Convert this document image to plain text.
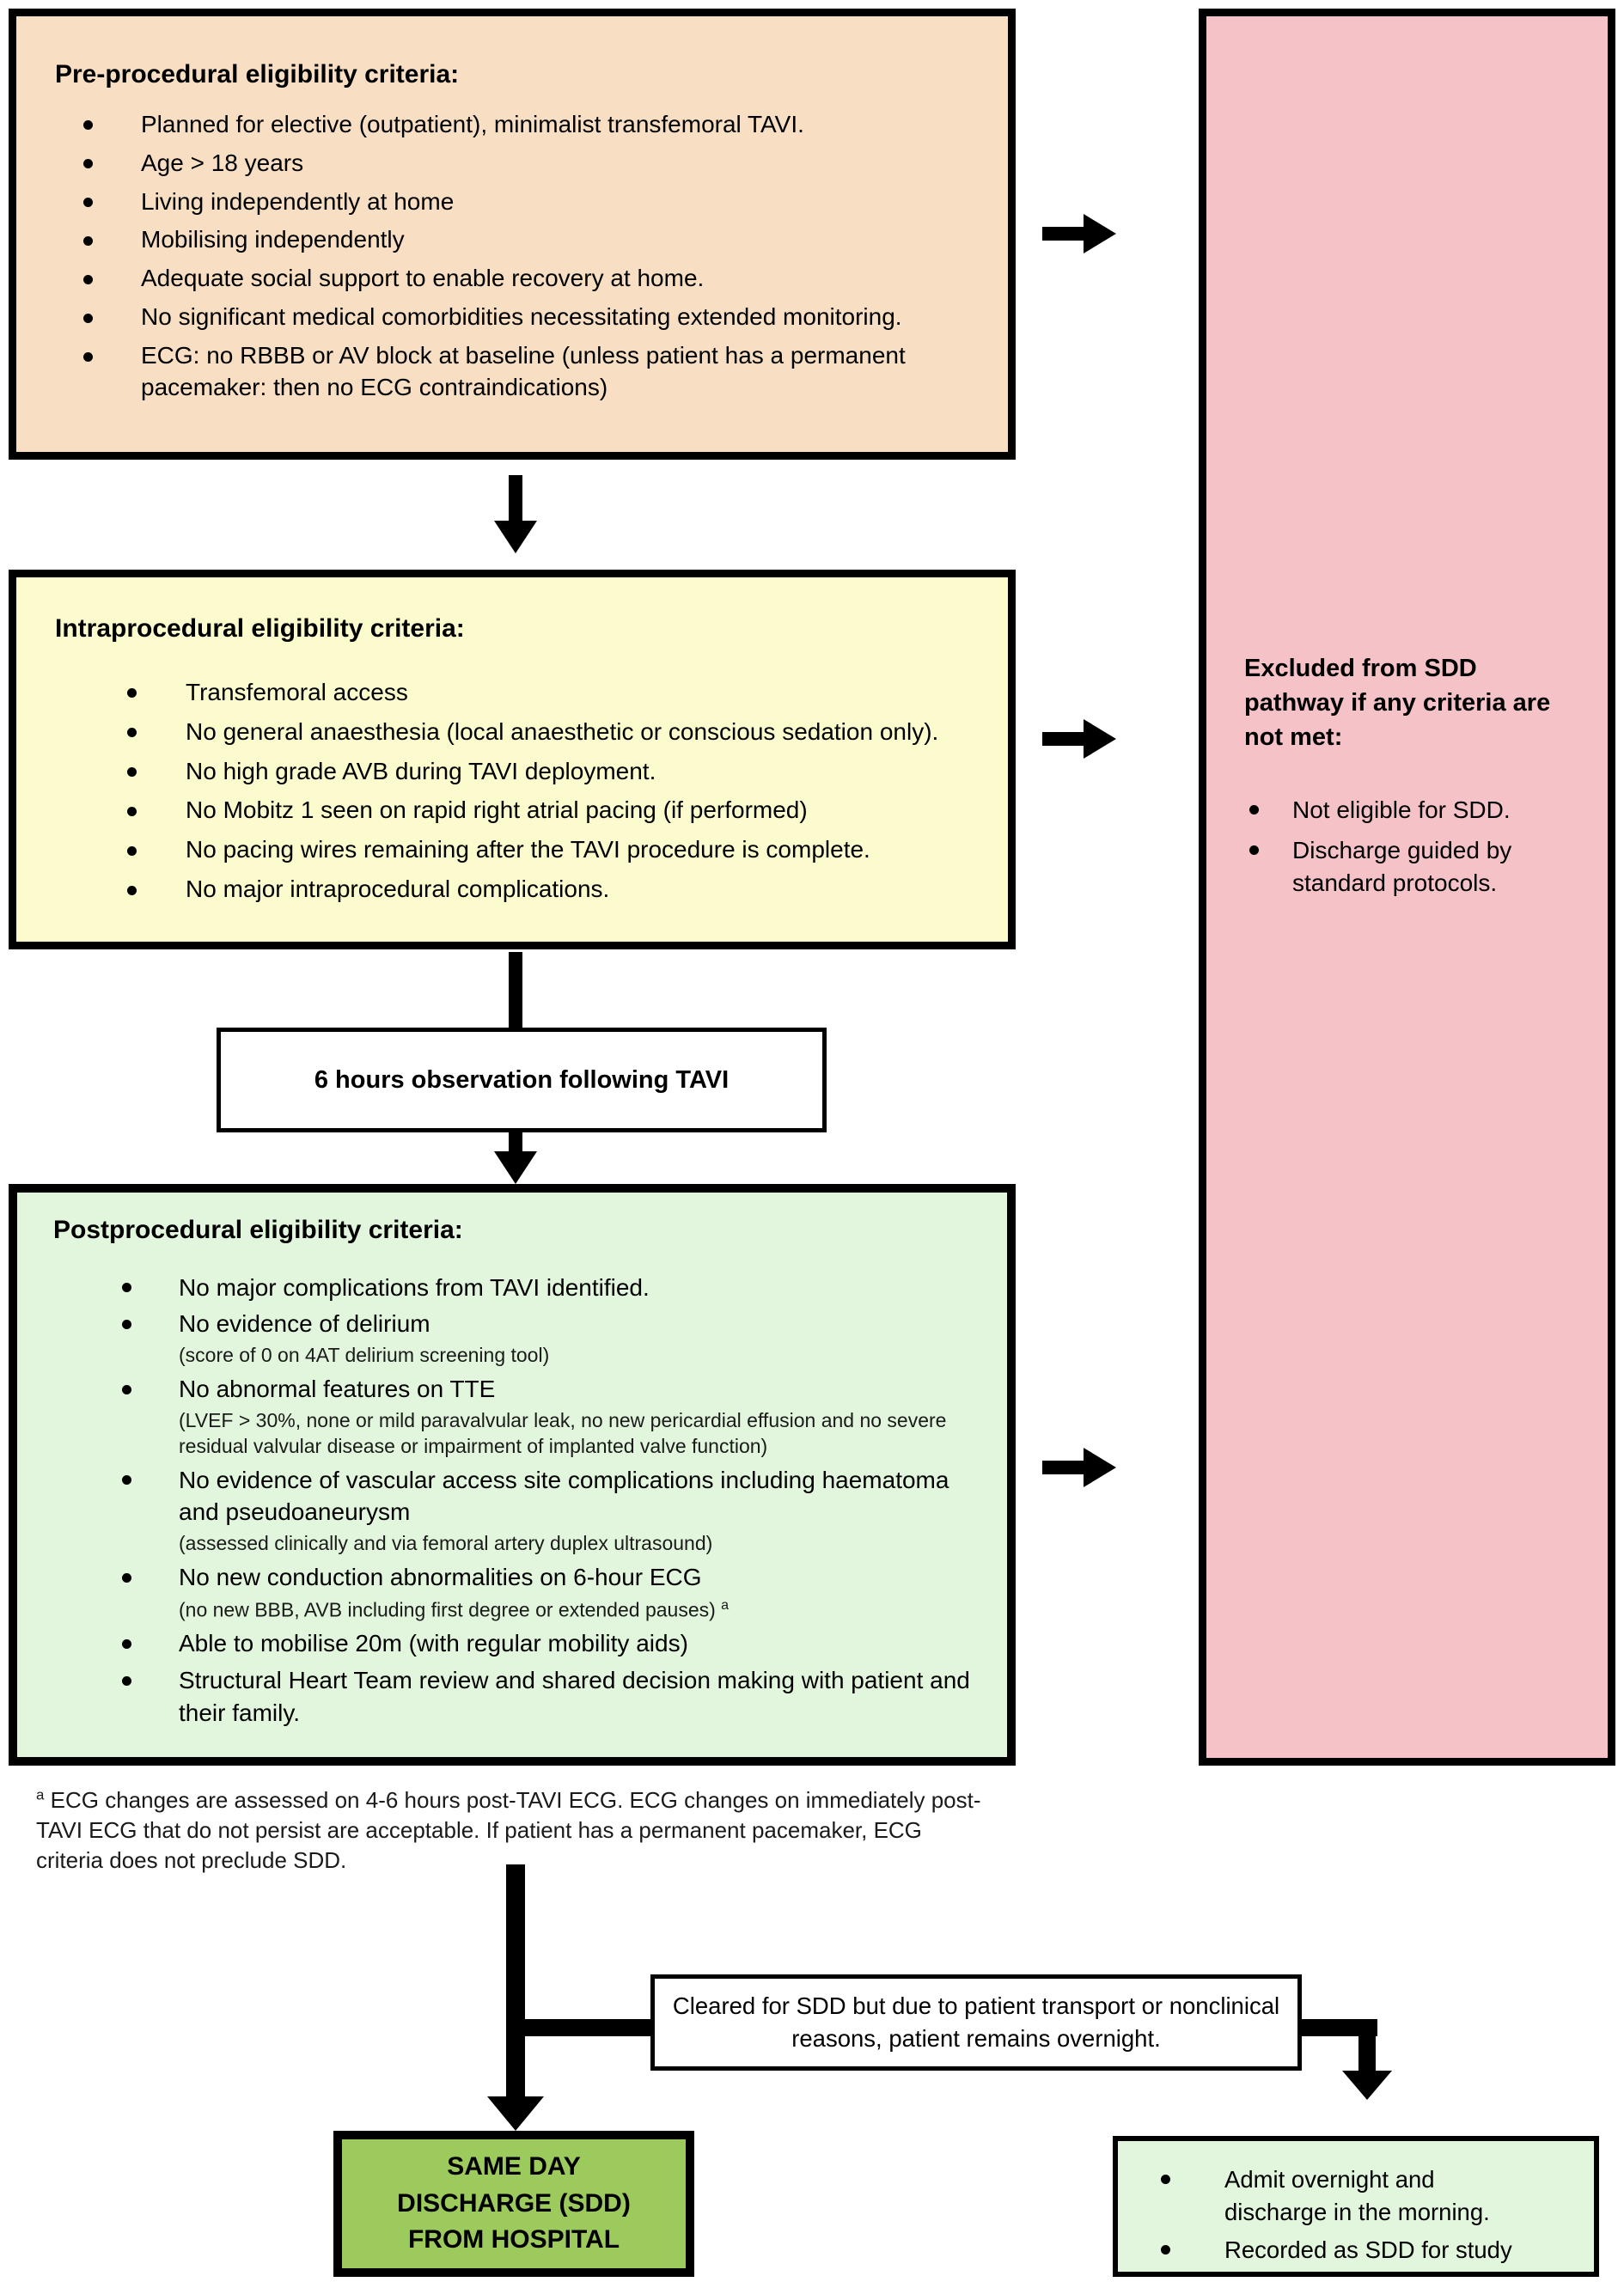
Pre-procedural eligibility criteria:
Planned for elective (outpatient), minimalist transfemoral TAVI.
Age > 18 years
Living independently at home
Mobilising independently
Adequate social support to enable recovery at home.
No significant medical comorbidities necessitating extended monitoring.
ECG: no RBBB or AV block at baseline (unless patient has a permanent pacemaker: then no ECG contraindications)
Intraprocedural eligibility criteria:
Transfemoral access
No general anaesthesia (local anaesthetic or conscious sedation only).
No high grade AVB during TAVI deployment.
No Mobitz 1 seen on rapid right atrial pacing (if performed)
No pacing wires remaining after the TAVI procedure is complete.
No major intraprocedural complications.
6 hours observation following TAVI
Postprocedural eligibility criteria:
No major complications from TAVI identified.
No evidence of delirium
(score of 0 on 4AT delirium screening tool)
No abnormal features on TTE
(LVEF > 30%, none or mild paravalvular leak, no new pericardial effusion and no severe residual valvular disease or impairment of implanted valve function)
No evidence of vascular access site complications including haematoma and pseudoaneurysm
(assessed clinically and via femoral artery duplex ultrasound)
No new conduction abnormalities on 6-hour ECG
(no new BBB, AVB including first degree or extended pauses) $^a$
Able to mobilise 20m (with regular mobility aids)
Structural Heart Team review and shared decision making with patient and their family.
Excluded from SDD pathway if any criteria are not met:
Not eligible for SDD.
Discharge guided by standard protocols.
$^a$ ECG changes are assessed on 4-6 hours post-TAVI ECG. ECG changes on immediately post-TAVI ECG that do not persist are acceptable. If patient has a permanent pacemaker, ECG criteria does not preclude SDD.
Cleared for SDD but due to patient transport or nonclinical reasons, patient remains overnight.
SAME DAY
DISCHARGE (SDD)
FROM HOSPITAL
Admit overnight and discharge in the morning.
Recorded as SDD for study
